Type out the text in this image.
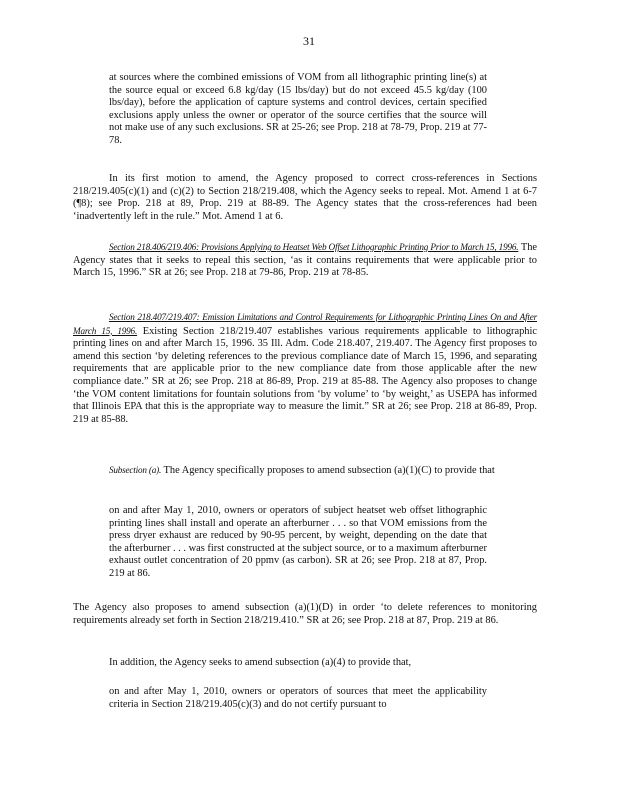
31
at sources where the combined emissions of VOM from all lithographic printing line(s) at the source equal or exceed 6.8 kg/day (15 lbs/day) but do not exceed 45.5 kg/day (100 lbs/day), before the application of capture systems and control devices, certain specified exclusions apply unless the owner or operator of the source certifies that the source will not make use of any such exclusions. SR at 25-26; see Prop. 218 at 78-79, Prop. 219 at 77-78.
In its first motion to amend, the Agency proposed to correct cross-references in Sections 218/219.405(c)(1) and (c)(2) to Section 218/219.408, which the Agency seeks to repeal. Mot. Amend 1 at 6-7 (¶8); see Prop. 218 at 89, Prop. 219 at 88-89. The Agency states that the cross-references had been ‘inadvertently left in the rule.” Mot. Amend 1 at 6.
Section 218.406/219.406: Provisions Applying to Heatset Web Offset Lithographic Printing Prior to March 15, 1996. The Agency states that it seeks to repeal this section, ‘as it contains requirements that were applicable prior to March 15, 1996.” SR at 26; see Prop. 218 at 79-86, Prop. 219 at 78-85.
Section 218.407/219.407: Emission Limitations and Control Requirements for Lithographic Printing Lines On and After March 15, 1996. Existing Section 218/219.407 establishes various requirements applicable to lithographic printing lines on and after March 15, 1996. 35 Ill. Adm. Code 218.407, 219.407. The Agency first proposes to amend this section ‘by deleting references to the previous compliance date of March 15, 1996, and separating requirements that are applicable prior to the new compliance date from those applicable after the new compliance date.” SR at 26; see Prop. 218 at 86-89, Prop. 219 at 85-88. The Agency also proposes to change ‘the VOM content limitations for fountain solutions from ‘by volume’ to ‘by weight,’ as USEPA has informed that Illinois EPA that this is the appropriate way to measure the limit.” SR at 26; see Prop. 218 at 86-89, Prop. 219 at 85-88.
Subsection (a). The Agency specifically proposes to amend subsection (a)(1)(C) to provide that
on and after May 1, 2010, owners or operators of subject heatset web offset lithographic printing lines shall install and operate an afterburner . . . so that VOM emissions from the press dryer exhaust are reduced by 90-95 percent, by weight, depending on the date that the afterburner . . . was first constructed at the subject source, or to a maximum afterburner exhaust outlet concentration of 20 ppmv (as carbon). SR at 26; see Prop. 218 at 87, Prop. 219 at 86.
The Agency also proposes to amend subsection (a)(1)(D) in order ‘to delete references to monitoring requirements already set forth in Section 218/219.410.” SR at 26; see Prop. 218 at 87, Prop. 219 at 86.
In addition, the Agency seeks to amend subsection (a)(4) to provide that,
on and after May 1, 2010, owners or operators of sources that meet the applicability criteria in Section 218/219.405(c)(3) and do not certify pursuant to
